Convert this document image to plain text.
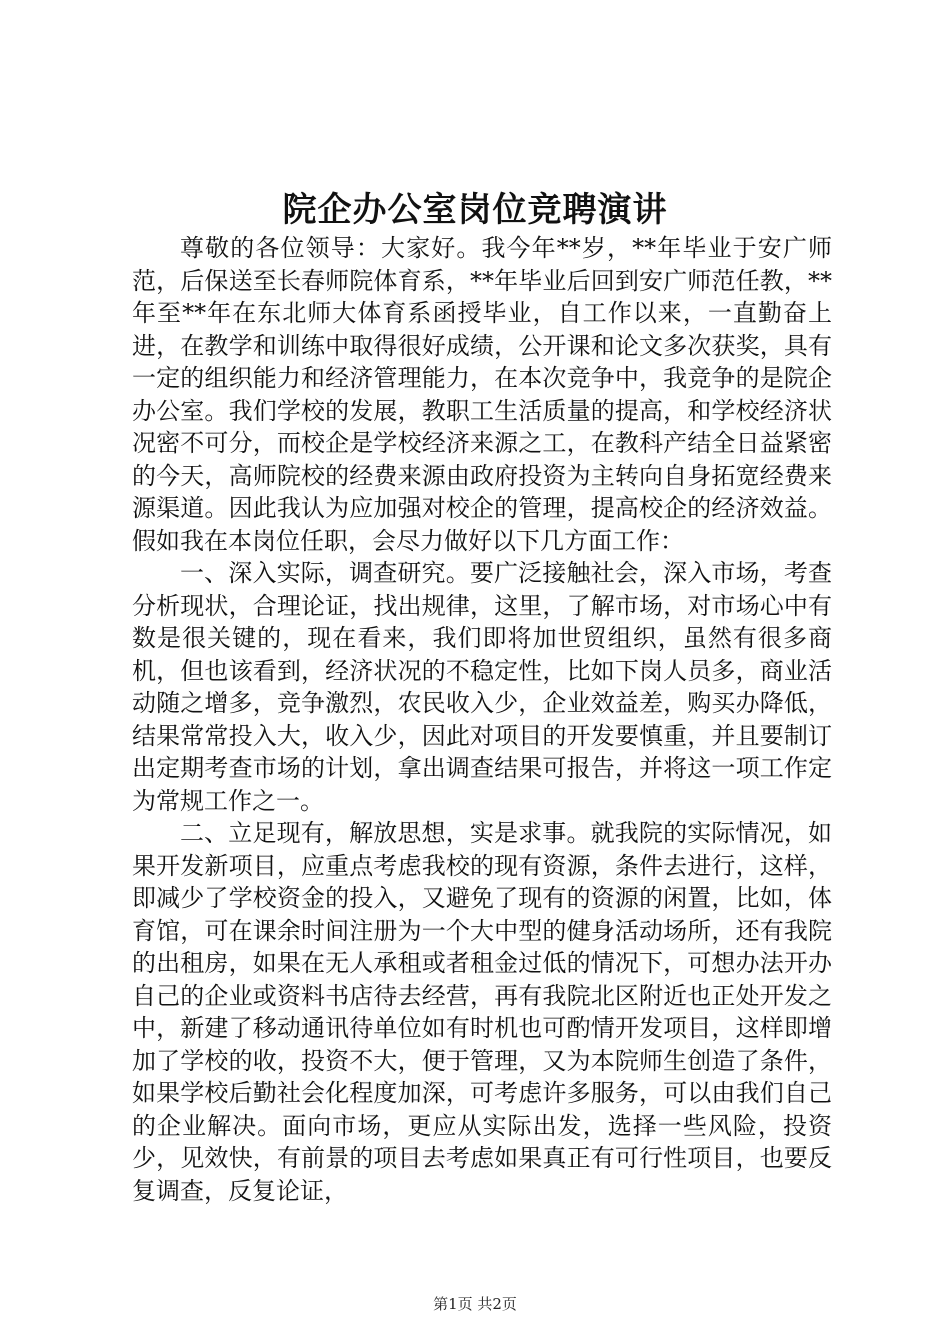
院企办公室岗位竞聘演讲

尊敬的各位领导：大家好。我今年**岁，**年毕业于安广师范，后保送至长春师院体育系，**年毕业后回到安广师范任教，**年至**年在东北师大体育系函授毕业，自工作以来，一直勤奋上进，在教学和训练中取得很好成绩，公开课和论文多次获奖，具有一定的组织能力和经济管理能力，在本次竞争中，我竞争的是院企办公室。我们学校的发展，教职工生活质量的提高，和学校经济状况密不可分，而校企是学校经济来源之工，在教科产结全日益紧密的今天，高师院校的经费来源由政府投资为主转向自身拓宽经费来源渠道。因此我认为应加强对校企的管理，提高校企的经济效益。假如我在本岗位任职，会尽力做好以下几方面工作：

一、深入实际，调查研究。要广泛接触社会，深入市场，考查分析现状，合理论证，找出规律，这里，了解市场，对市场心中有数是很关键的，现在看来，我们即将加世贸组织，虽然有很多商机，但也该看到，经济状况的不稳定性，比如下岗人员多，商业活动随之增多，竞争激烈，农民收入少，企业效益差，购买办降低，结果常常投入大，收入少，因此对项目的开发要慎重，并且要制订出定期考查市场的计划，拿出调查结果可报告，并将这一项工作定为常规工作之一。

二、立足现有，解放思想，实是求事。就我院的实际情况，如果开发新项目，应重点考虑我校的现有资源，条件去进行，这样，即减少了学校资金的投入，又避免了现有的资源的闲置，比如，体育馆，可在课余时间注册为一个大中型的健身活动场所，还有我院的出租房，如果在无人承租或者租金过低的情况下，可想办法开办自己的企业或资料书店待去经营，再有我院北区附近也正处开发之中，新建了移动通讯待单位如有时机也可酌情开发项目，这样即增加了学校的收，投资不大，便于管理，又为本院师生创造了条件，如果学校后勤社会化程度加深，可考虑许多服务，可以由我们自己的企业解决。面向市场，更应从实际出发，选择一些风险，投资少，见效快，有前景的项目去考虑如果真正有可行性项目，也要反复调查，反复论证，

第1页 共2页
